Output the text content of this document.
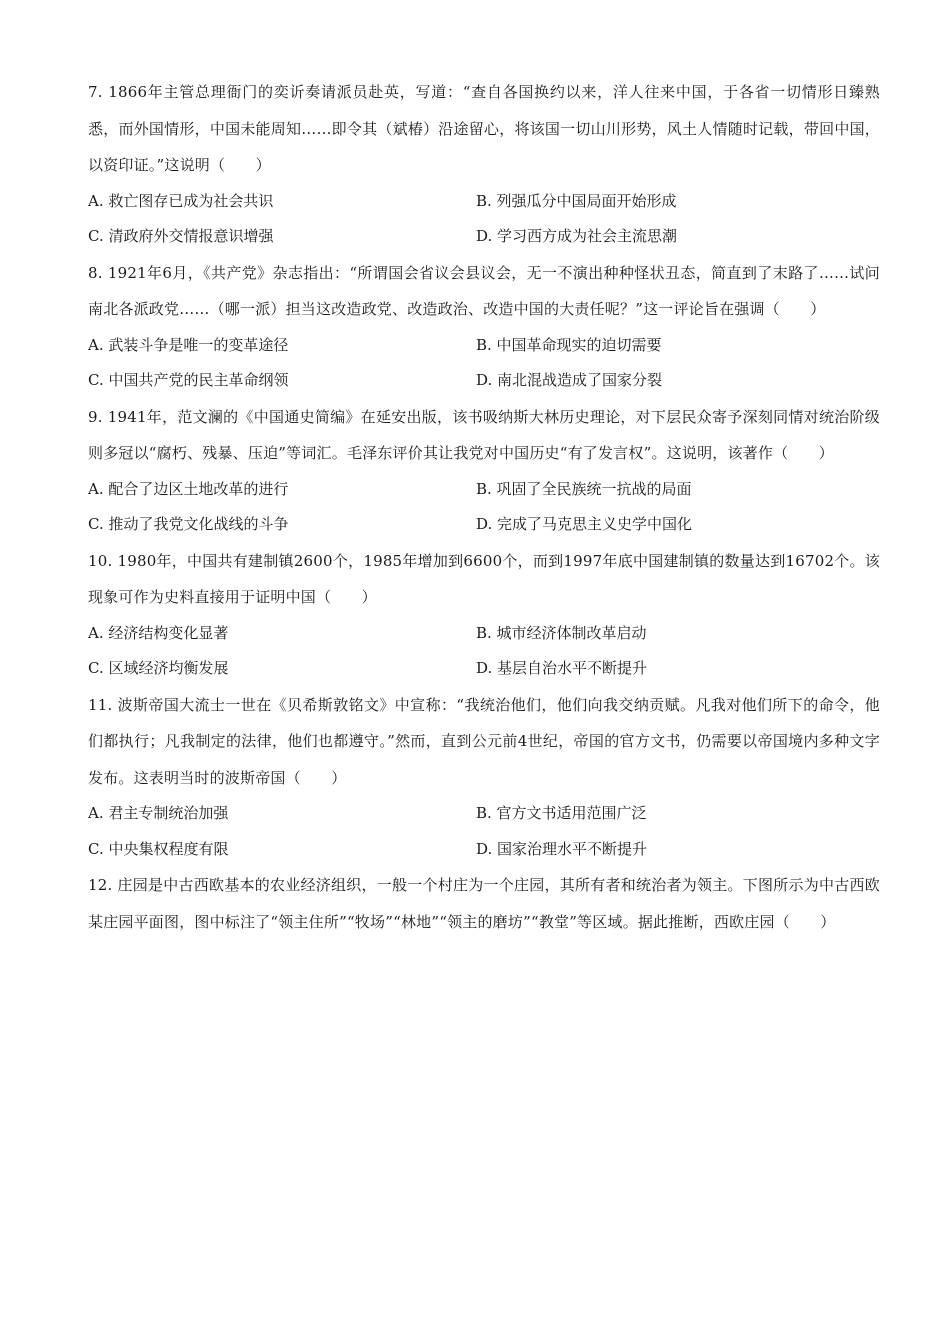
7. 1866年主管总理衙门的奕䜣奏请派员赴英，写道：“查自各国换约以来，洋人往来中国，于各省一切情形日臻熟悉，而外国情形，中国未能周知……即令其（斌椿）沿途留心，将该国一切山川形势，风土人情随时记载，带回中国，以资印证。”这说明（　　）

A. 救亡图存已成为社会共识	B. 列强瓜分中国局面开始形成
C. 清政府外交情报意识增强	D. 学习西方成为社会主流思潮

8. 1921年6月，《共产党》杂志指出：“所谓国会省议会县议会，无一不演出种种怪状丑态，简直到了末路了……试问南北各派政党……（哪一派）担当这改造政党、改造政治、改造中国的大责任呢？”这一评论旨在强调（　　）

A. 武装斗争是唯一的变革途径	B. 中国革命现实的迫切需要
C. 中国共产党的民主革命纲领	D. 南北混战造成了国家分裂

9. 1941年，范文澜的《中国通史简编》在延安出版，该书吸纳斯大林历史理论，对下层民众寄予深刻同情对统治阶级则多冠以“腐朽、残暴、压迫”等词汇。毛泽东评价其让我党对中国历史“有了发言权”。这说明，该著作（　　）

A. 配合了边区土地改革的进行	B. 巩固了全民族统一抗战的局面
C. 推动了我党文化战线的斗争	D. 完成了马克思主义史学中国化

10. 1980年，中国共有建制镇2600个，1985年增加到6600个，而到1997年底中国建制镇的数量达到16702个。该现象可作为史料直接用于证明中国（　　）

A. 经济结构变化显著	B. 城市经济体制改革启动
C. 区域经济均衡发展	D. 基层自治水平不断提升

11. 波斯帝国大流士一世在《贝希斯敦铭文》中宣称：“我统治他们，他们向我交纳贡赋。凡我对他们所下的命令，他们都执行；凡我制定的法律，他们也都遵守。”然而，直到公元前4世纪，帝国的官方文书，仍需要以帝国境内多种文字发布。这表明当时的波斯帝国（　　）

A. 君主专制统治加强	B. 官方文书适用范围广泛
C. 中央集权程度有限	D. 国家治理水平不断提升

12. 庄园是中古西欧基本的农业经济组织，一般一个村庄为一个庄园，其所有者和统治者为领主。下图所示为中古西欧某庄园平面图，图中标注了“领主住所”“牧场”“林地”“领主的磨坊”“教堂”等区域。据此推断，西欧庄园（　　）
